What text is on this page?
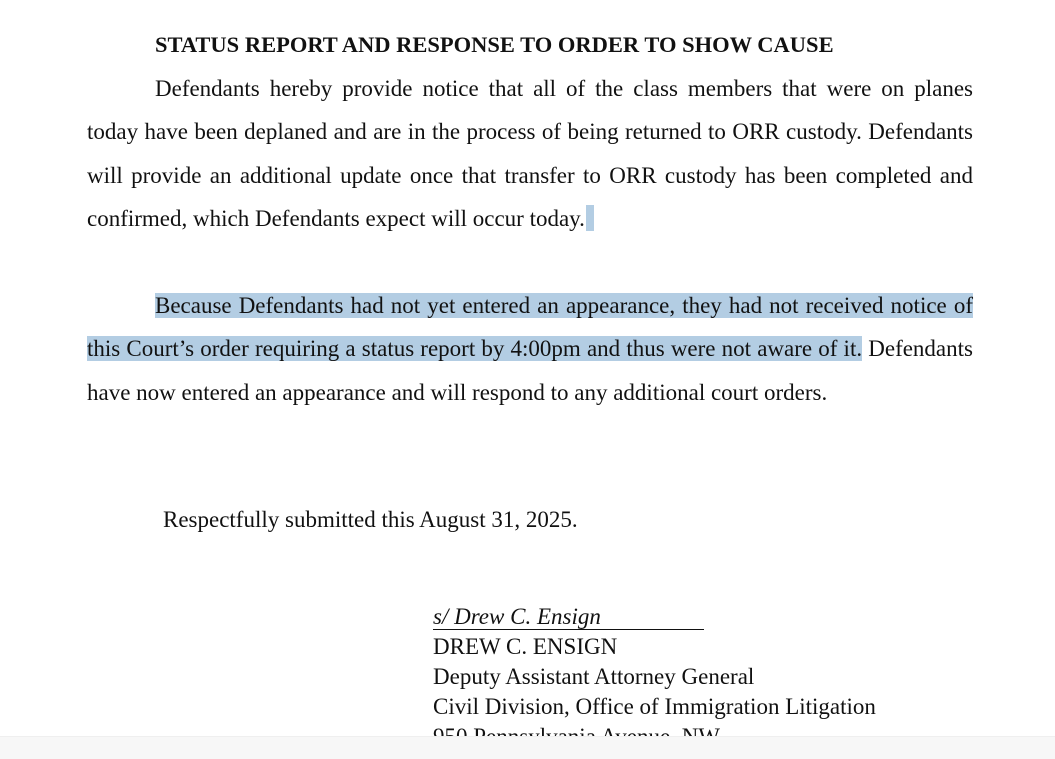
STATUS REPORT AND RESPONSE TO ORDER TO SHOW CAUSE

Defendants hereby provide notice that all of the class members that were on planes today have been deplaned and are in the process of being returned to ORR custody. Defendants will provide an additional update once that transfer to ORR custody has been completed and confirmed, which Defendants expect will occur today.

Because Defendants had not yet entered an appearance, they had not received notice of this Court’s order requiring a status report by 4:00pm and thus were not aware of it. Defendants have now entered an appearance and will respond to any additional court orders.

Respectfully submitted this August 31, 2025.

s/ Drew C. Ensign
DREW C. ENSIGN
Deputy Assistant Attorney General
Civil Division, Office of Immigration Litigation
